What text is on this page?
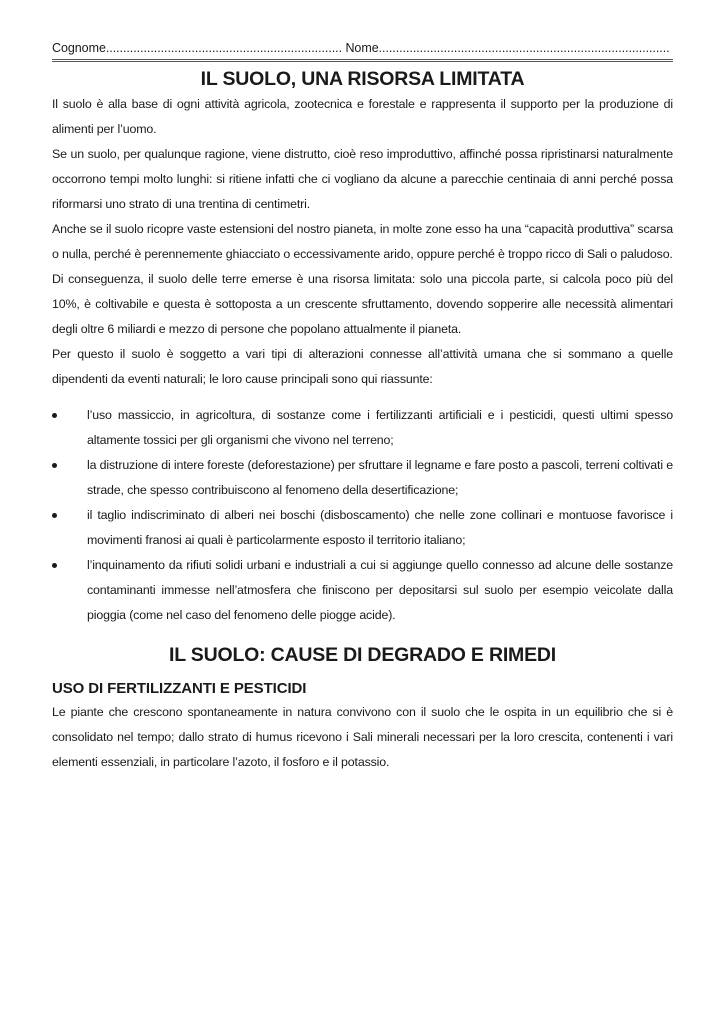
Cognome..................................................................... Nome.....................................................................................
IL SUOLO, UNA RISORSA LIMITATA

Il suolo è alla base di ogni attività agricola, zootecnica e forestale e rappresenta il supporto per la produzione di alimenti per l’uomo.

Se un suolo, per qualunque ragione, viene distrutto, cioè reso improduttivo, affinché possa ripristinarsi naturalmente occorrono tempi molto lunghi: si ritiene infatti che ci vogliano da alcune a parecchie centinaia di anni perché possa riformarsi uno strato di una trentina di centimetri.

Anche se il suolo ricopre vaste estensioni del nostro pianeta, in molte zone esso ha una “capacità produttiva” scarsa o nulla, perché è perennemente ghiacciato o eccessivamente arido, oppure perché è troppo ricco di Sali o paludoso.

Di conseguenza, il suolo delle terre emerse è una risorsa limitata: solo una piccola parte, si calcola poco più del 10%, è coltivabile e questa è sottoposta a un crescente sfruttamento, dovendo sopperire alle necessità alimentari degli oltre 6 miliardi e mezzo di persone che popolano attualmente il pianeta.

Per questo il suolo è soggetto a vari tipi di alterazioni connesse all’attività umana che si sommano a quelle dipendenti da eventi naturali; le loro cause principali sono qui riassunte:

l’uso massiccio, in agricoltura, di sostanze come i fertilizzanti artificiali e i pesticidi, questi ultimi spesso altamente tossici per gli organismi che vivono nel terreno;
la distruzione di intere foreste (deforestazione) per sfruttare il legname e fare posto a pascoli, terreni coltivati e strade, che spesso contribuiscono al fenomeno della desertificazione;
il taglio indiscriminato di alberi nei boschi (disboscamento) che nelle zone collinari e montuose favorisce i movimenti franosi ai quali è particolarmente esposto il territorio italiano;
l’inquinamento da rifiuti solidi urbani e industriali a cui si aggiunge quello connesso ad alcune delle sostanze contaminanti immesse nell’atmosfera che finiscono per depositarsi sul suolo per esempio veicolate dalla pioggia (come nel caso del fenomeno delle piogge acide).
IL SUOLO: CAUSE DI DEGRADO E RIMEDI
USO DI FERTILIZZANTI E PESTICIDI

Le piante che crescono spontaneamente in natura convivono con il suolo che le ospita in un equilibrio che si è consolidato nel tempo; dallo strato di humus ricevono i Sali minerali necessari per la loro crescita, contenenti i vari elementi essenziali, in particolare l’azoto, il fosforo e il potassio.
